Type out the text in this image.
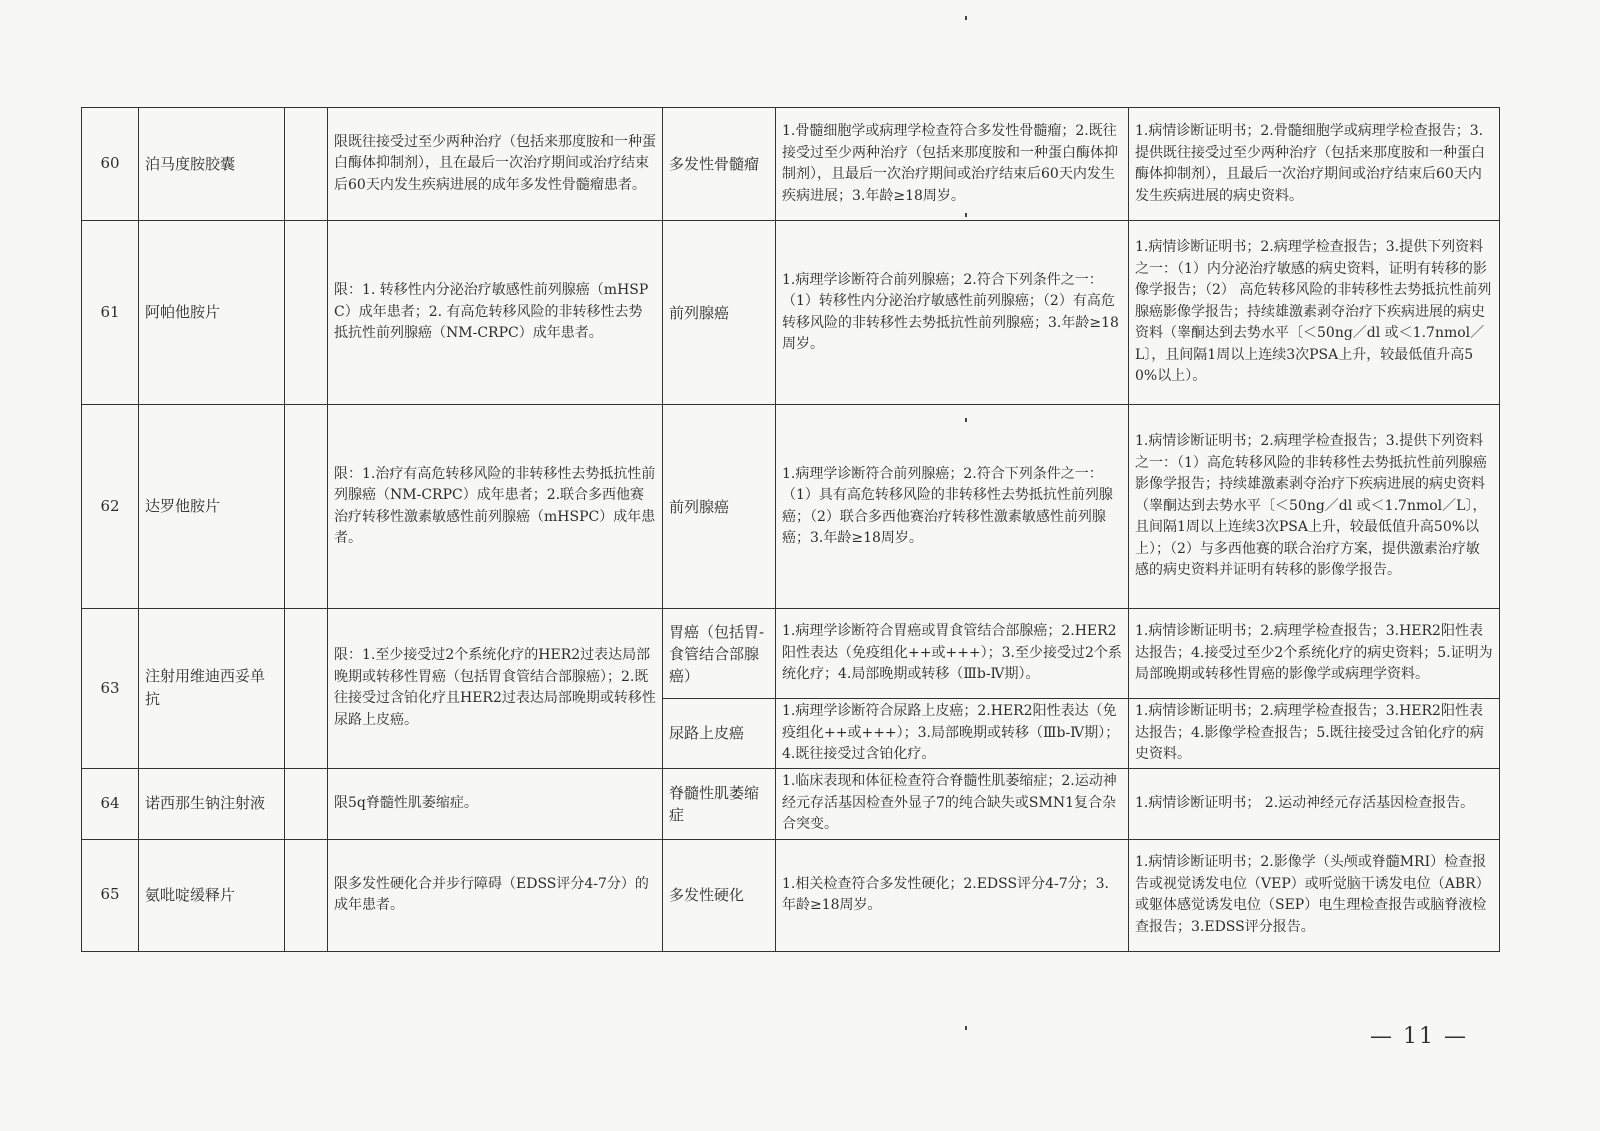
60	泊马度胺胶囊		限既往接受过至少两种治疗（包括来那度胺和一种蛋白酶体抑制剂），且在最后一次治疗期间或治疗结束后60天内发生疾病进展的成年多发性骨髓瘤患者。	多发性骨髓瘤	1.骨髓细胞学或病理学检查符合多发性骨髓瘤；2.既往接受过至少两种治疗（包括来那度胺和一种蛋白酶体抑制剂），且最后一次治疗期间或治疗结束后60天内发生疾病进展；3.年龄≥18周岁。	1.病情诊断证明书；2.骨髓细胞学或病理学检查报告；3.提供既往接受过至少两种治疗（包括来那度胺和一种蛋白酶体抑制剂），且最后一次治疗期间或治疗结束后60天内发生疾病进展的病史资料。
61	阿帕他胺片		限：1. 转移性内分泌治疗敏感性前列腺癌（mHSPC）成年患者；2. 有高危转移风险的非转移性去势抵抗性前列腺癌（NM-CRPC）成年患者。	前列腺癌	1.病理学诊断符合前列腺癌；2.符合下列条件之一：（1）转移性内分泌治疗敏感性前列腺癌；（2）有高危转移风险的非转移性去势抵抗性前列腺癌；3.年龄≥18周岁。	1.病情诊断证明书；2.病理学检查报告；3.提供下列资料之一：（1）内分泌治疗敏感的病史资料，证明有转移的影像学报告；（2） 高危转移风险的非转移性去势抵抗性前列腺癌影像学报告；持续雄激素剥夺治疗下疾病进展的病史资料（睾酮达到去势水平〔＜50ng／dl 或＜1.7nmol／L〕，且间隔1周以上连续3次PSA上升，较最低值升高50%以上）。
62	达罗他胺片		限：1.治疗有高危转移风险的非转移性去势抵抗性前列腺癌（NM-CRPC）成年患者；2.联合多西他赛治疗转移性激素敏感性前列腺癌（mHSPC）成年患者。	前列腺癌	1.病理学诊断符合前列腺癌；2.符合下列条件之一：（1）具有高危转移风险的非转移性去势抵抗性前列腺癌；（2）联合多西他赛治疗转移性激素敏感性前列腺癌；3.年龄≥18周岁。	1.病情诊断证明书；2.病理学检查报告；3.提供下列资料之一：（1）高危转移风险的非转移性去势抵抗性前列腺癌影像学报告；持续雄激素剥夺治疗下疾病进展的病史资料（睾酮达到去势水平〔＜50ng／dl 或＜1.7nmol／L〕，且间隔1周以上连续3次PSA上升，较最低值升高50%以上）；（2）与多西他赛的联合治疗方案，提供激素治疗敏感的病史资料并证明有转移的影像学报告。
63	注射用维迪西妥单抗		限：1.至少接受过2个系统化疗的HER2过表达局部晚期或转移性胃癌（包括胃食管结合部腺癌）；2.既往接受过含铂化疗且HER2过表达局部晚期或转移性尿路上皮癌。	胃癌（包括胃-食管结合部腺癌）	1.病理学诊断符合胃癌或胃食管结合部腺癌；2.HER2阳性表达（免疫组化++或+++）；3.至少接受过2个系统化疗；4.局部晚期或转移（Ⅲb-Ⅳ期）。	1.病情诊断证明书；2.病理学检查报告；3.HER2阳性表达报告；4.接受过至少2个系统化疗的病史资料；5.证明为局部晚期或转移性胃癌的影像学或病理学资料。
				尿路上皮癌	1.病理学诊断符合尿路上皮癌；2.HER2阳性表达（免疫组化++或+++）；3.局部晚期或转移（Ⅲb-Ⅳ期）；4.既往接受过含铂化疗。	1.病情诊断证明书；2.病理学检查报告；3.HER2阳性表达报告；4.影像学检查报告；5.既往接受过含铂化疗的病史资料。
64	诺西那生钠注射液		限5q脊髓性肌萎缩症。	脊髓性肌萎缩症	1.临床表现和体征检查符合脊髓性肌萎缩症；2.运动神经元存活基因检查外显子7的纯合缺失或SMN1复合杂合突变。	1.病情诊断证明书； 2.运动神经元存活基因检查报告。
65	氨吡啶缓释片		限多发性硬化合并步行障碍（EDSS评分4-7分）的成年患者。	多发性硬化	1.相关检查符合多发性硬化；2.EDSS评分4-7分；3.年龄≥18周岁。	1.病情诊断证明书；2.影像学（头颅或脊髓MRI）检查报告或视觉诱发电位（VEP）或听觉脑干诱发电位（ABR）或躯体感觉诱发电位（SEP）电生理检查报告或脑脊液检查报告；3.EDSS评分报告。
— 11 —
